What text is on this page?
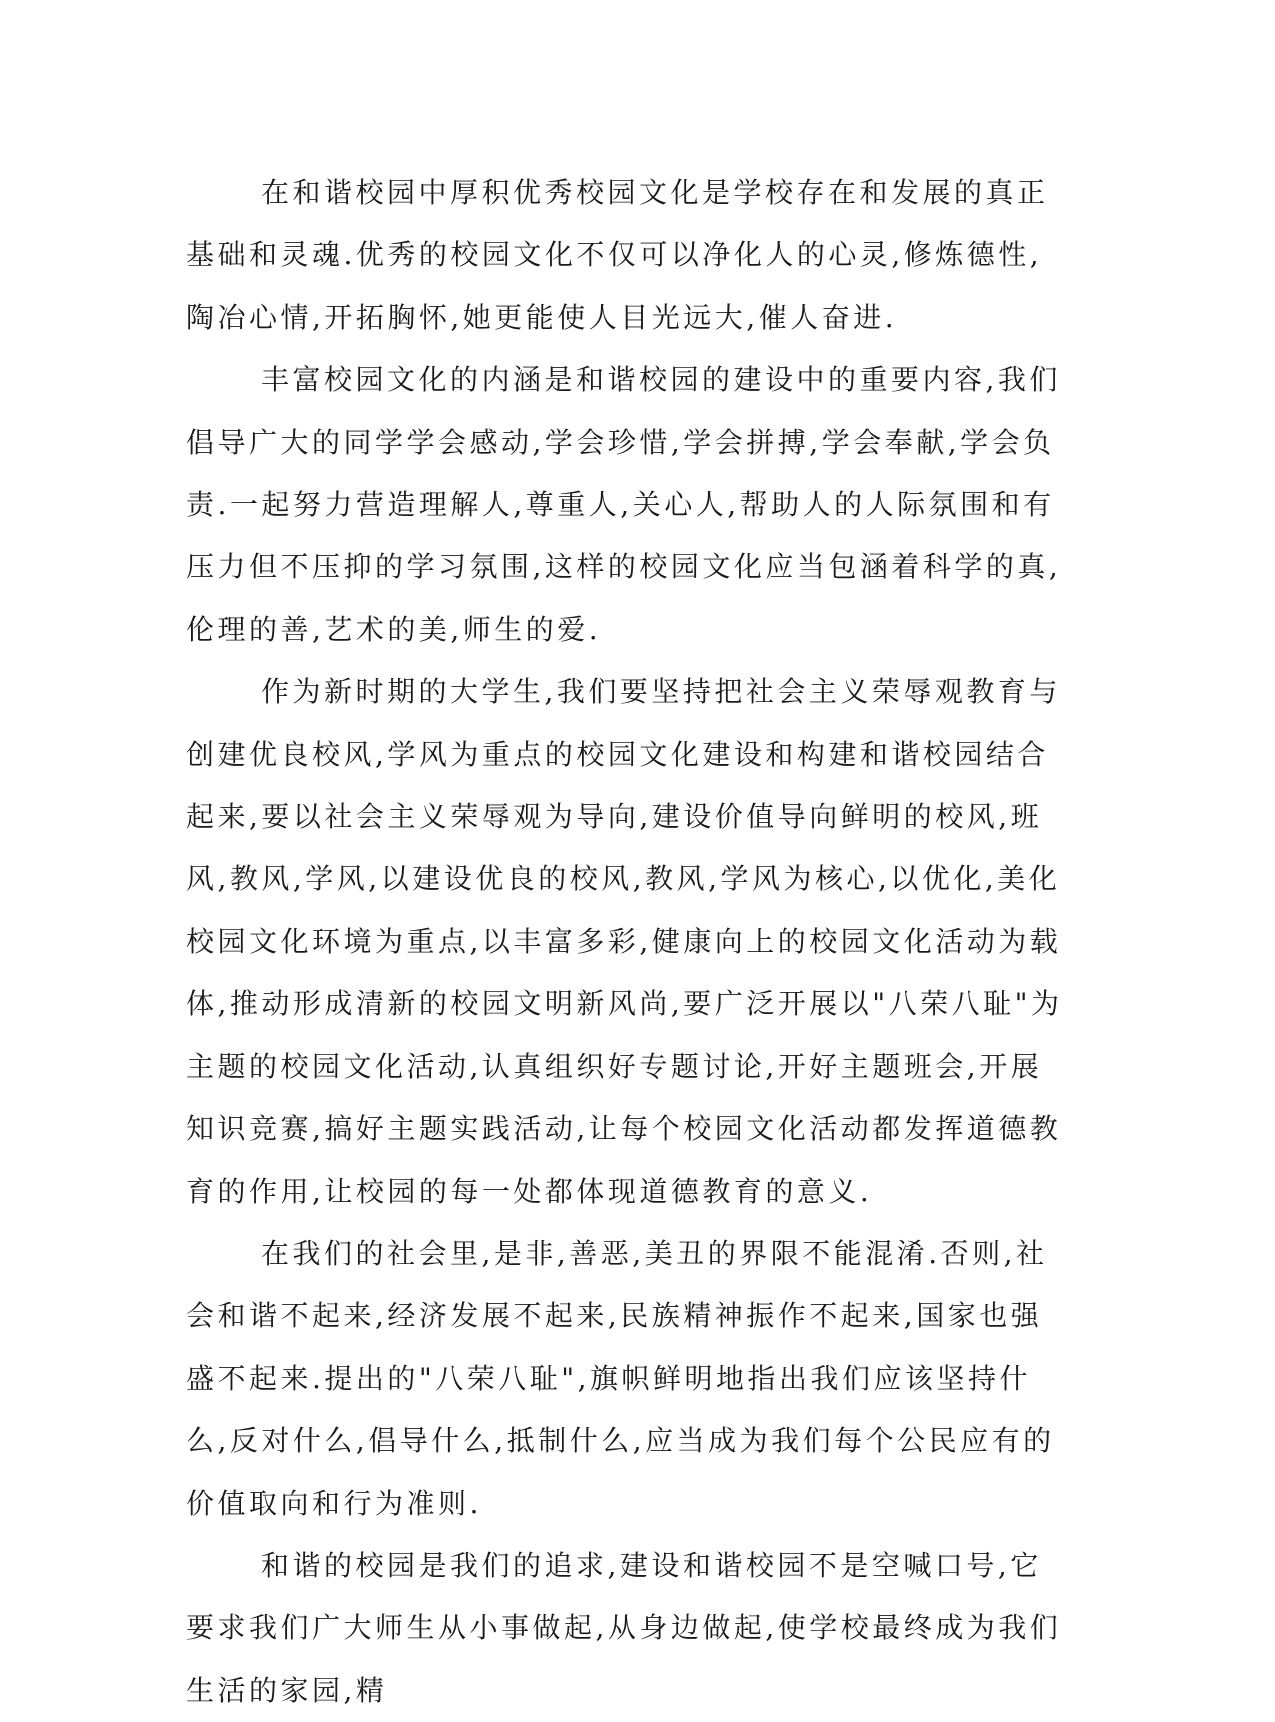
在和谐校园中厚积优秀校园文化是学校存在和发展的真正基础和灵魂.优秀的校园文化不仅可以净化人的心灵,修炼德性,陶冶心情,开拓胸怀,她更能使人目光远大,催人奋进.

丰富校园文化的内涵是和谐校园的建设中的重要内容,我们倡导广大的同学学会感动,学会珍惜,学会拼搏,学会奉献,学会负责.一起努力营造理解人,尊重人,关心人,帮助人的人际氛围和有压力但不压抑的学习氛围,这样的校园文化应当包涵着科学的真,伦理的善,艺术的美,师生的爱.

作为新时期的大学生,我们要坚持把社会主义荣辱观教育与创建优良校风,学风为重点的校园文化建设和构建和谐校园结合起来,要以社会主义荣辱观为导向,建设价值导向鲜明的校风,班风,教风,学风,以建设优良的校风,教风,学风为核心,以优化,美化校园文化环境为重点,以丰富多彩,健康向上的校园文化活动为载体,推动形成清新的校园文明新风尚,要广泛开展以"八荣八耻"为主题的校园文化活动,认真组织好专题讨论,开好主题班会,开展知识竞赛,搞好主题实践活动,让每个校园文化活动都发挥道德教育的作用,让校园的每一处都体现道德教育的意义.

在我们的社会里,是非,善恶,美丑的界限不能混淆.否则,社会和谐不起来,经济发展不起来,民族精神振作不起来,国家也强盛不起来.提出的"八荣八耻",旗帜鲜明地指出我们应该坚持什么,反对什么,倡导什么,抵制什么,应当成为我们每个公民应有的价值取向和行为准则.

和谐的校园是我们的追求,建设和谐校园不是空喊口号,它要求我们广大师生从小事做起,从身边做起,使学校最终成为我们生活的家园,精
